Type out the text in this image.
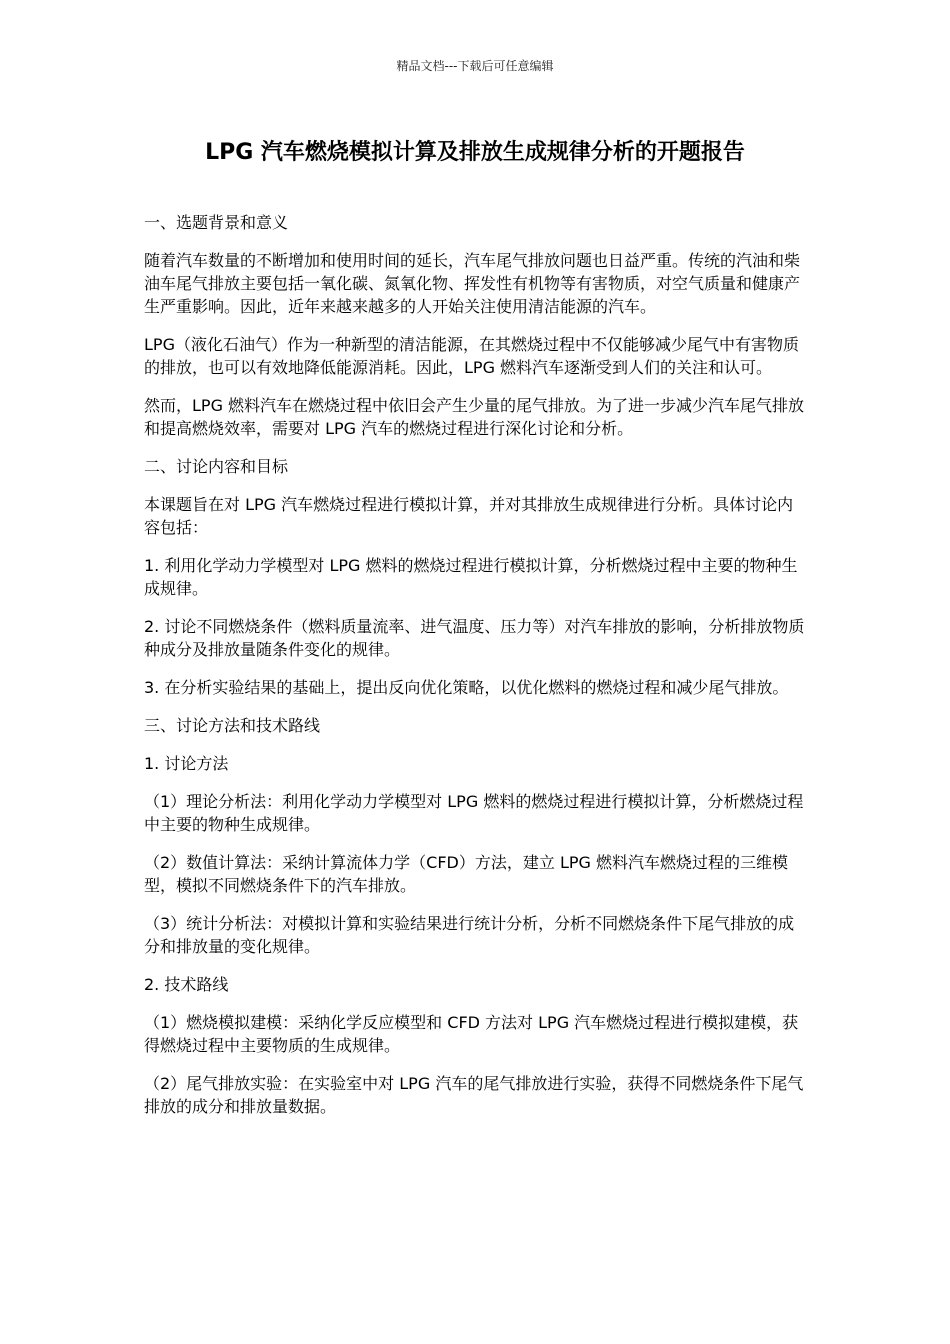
精品文档---下载后可任意编辑
LPG 汽车燃烧模拟计算及排放生成规律分析的开题报告

一、选题背景和意义

随着汽车数量的不断增加和使用时间的延长，汽车尾气排放问题也日益严重。传统的汽油和柴油车尾气排放主要包括一氧化碳、氮氧化物、挥发性有机物等有害物质，对空气质量和健康产生严重影响。因此，近年来越来越多的人开始关注使用清洁能源的汽车。

LPG（液化石油气）作为一种新型的清洁能源，在其燃烧过程中不仅能够减少尾气中有害物质的排放，也可以有效地降低能源消耗。因此，LPG 燃料汽车逐渐受到人们的关注和认可。

然而，LPG 燃料汽车在燃烧过程中依旧会产生少量的尾气排放。为了进一步减少汽车尾气排放和提高燃烧效率，需要对 LPG 汽车的燃烧过程进行深化讨论和分析。

二、讨论内容和目标

本课题旨在对 LPG 汽车燃烧过程进行模拟计算，并对其排放生成规律进行分析。具体讨论内容包括：

1. 利用化学动力学模型对 LPG 燃料的燃烧过程进行模拟计算，分析燃烧过程中主要的物种生成规律。

2. 讨论不同燃烧条件（燃料质量流率、进气温度、压力等）对汽车排放的影响，分析排放物质种成分及排放量随条件变化的规律。

3. 在分析实验结果的基础上，提出反向优化策略，以优化燃料的燃烧过程和减少尾气排放。

三、讨论方法和技术路线

1. 讨论方法

（1）理论分析法：利用化学动力学模型对 LPG 燃料的燃烧过程进行模拟计算，分析燃烧过程中主要的物种生成规律。

（2）数值计算法：采纳计算流体力学（CFD）方法，建立 LPG 燃料汽车燃烧过程的三维模型，模拟不同燃烧条件下的汽车排放。

（3）统计分析法：对模拟计算和实验结果进行统计分析，分析不同燃烧条件下尾气排放的成分和排放量的变化规律。

2. 技术路线

（1）燃烧模拟建模：采纳化学反应模型和 CFD 方法对 LPG 汽车燃烧过程进行模拟建模，获得燃烧过程中主要物质的生成规律。

（2）尾气排放实验：在实验室中对 LPG 汽车的尾气排放进行实验，获得不同燃烧条件下尾气排放的成分和排放量数据。
